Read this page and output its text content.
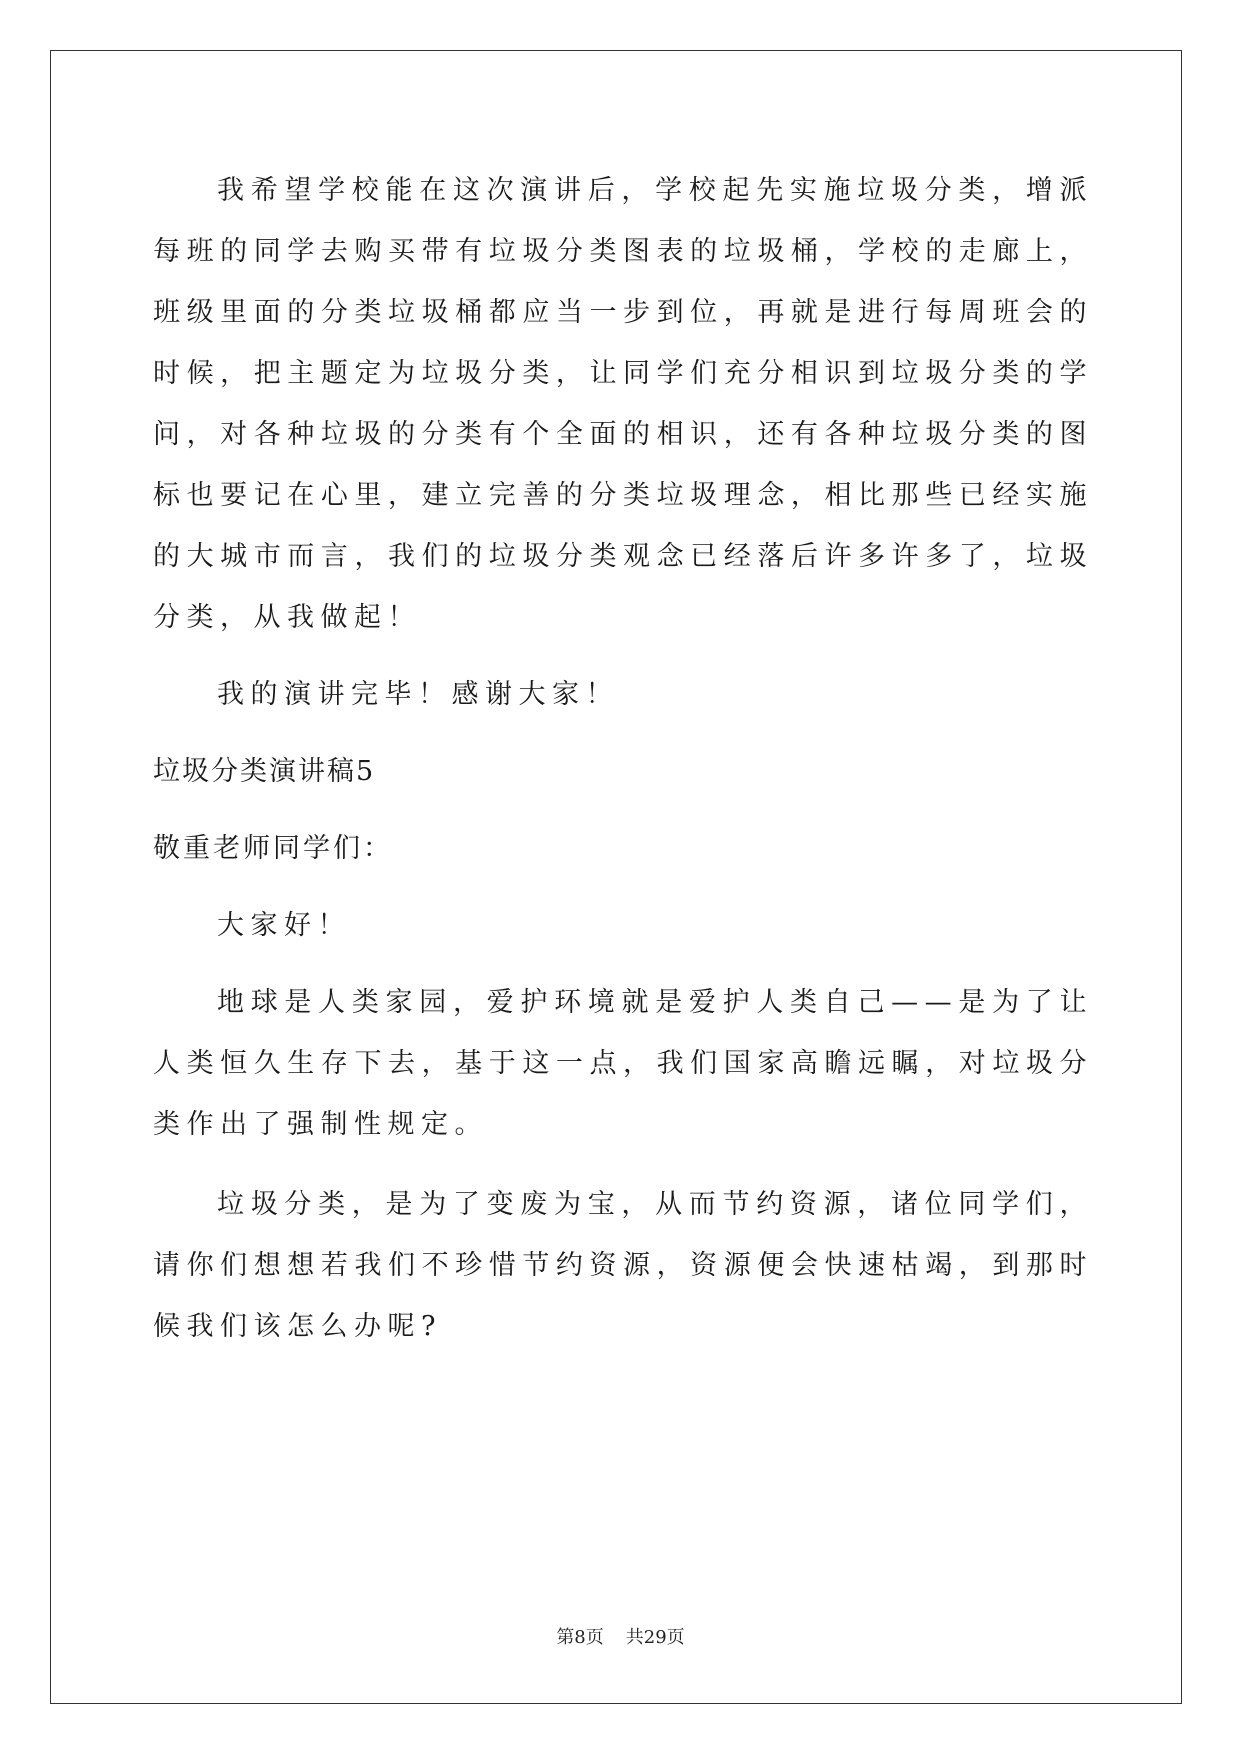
我希望学校能在这次演讲后，学校起先实施垃圾分类，增派每班的同学去购买带有垃圾分类图表的垃圾桶，学校的走廊上，班级里面的分类垃圾桶都应当一步到位，再就是进行每周班会的时候，把主题定为垃圾分类，让同学们充分相识到垃圾分类的学问，对各种垃圾的分类有个全面的相识，还有各种垃圾分类的图标也要记在心里，建立完善的分类垃圾理念，相比那些已经实施的大城市而言，我们的垃圾分类观念已经落后许多许多了，垃圾分类，从我做起！

我的演讲完毕！感谢大家！

垃圾分类演讲稿5

敬重老师同学们：

大家好！

地球是人类家园，爱护环境就是爱护人类自己——是为了让人类恒久生存下去，基于这一点，我们国家高瞻远瞩，对垃圾分类作出了强制性规定。

垃圾分类，是为了变废为宝，从而节约资源，诸位同学们，请你们想想若我们不珍惜节约资源，资源便会快速枯竭，到那时候我们该怎么办呢?

第8页 共29页
